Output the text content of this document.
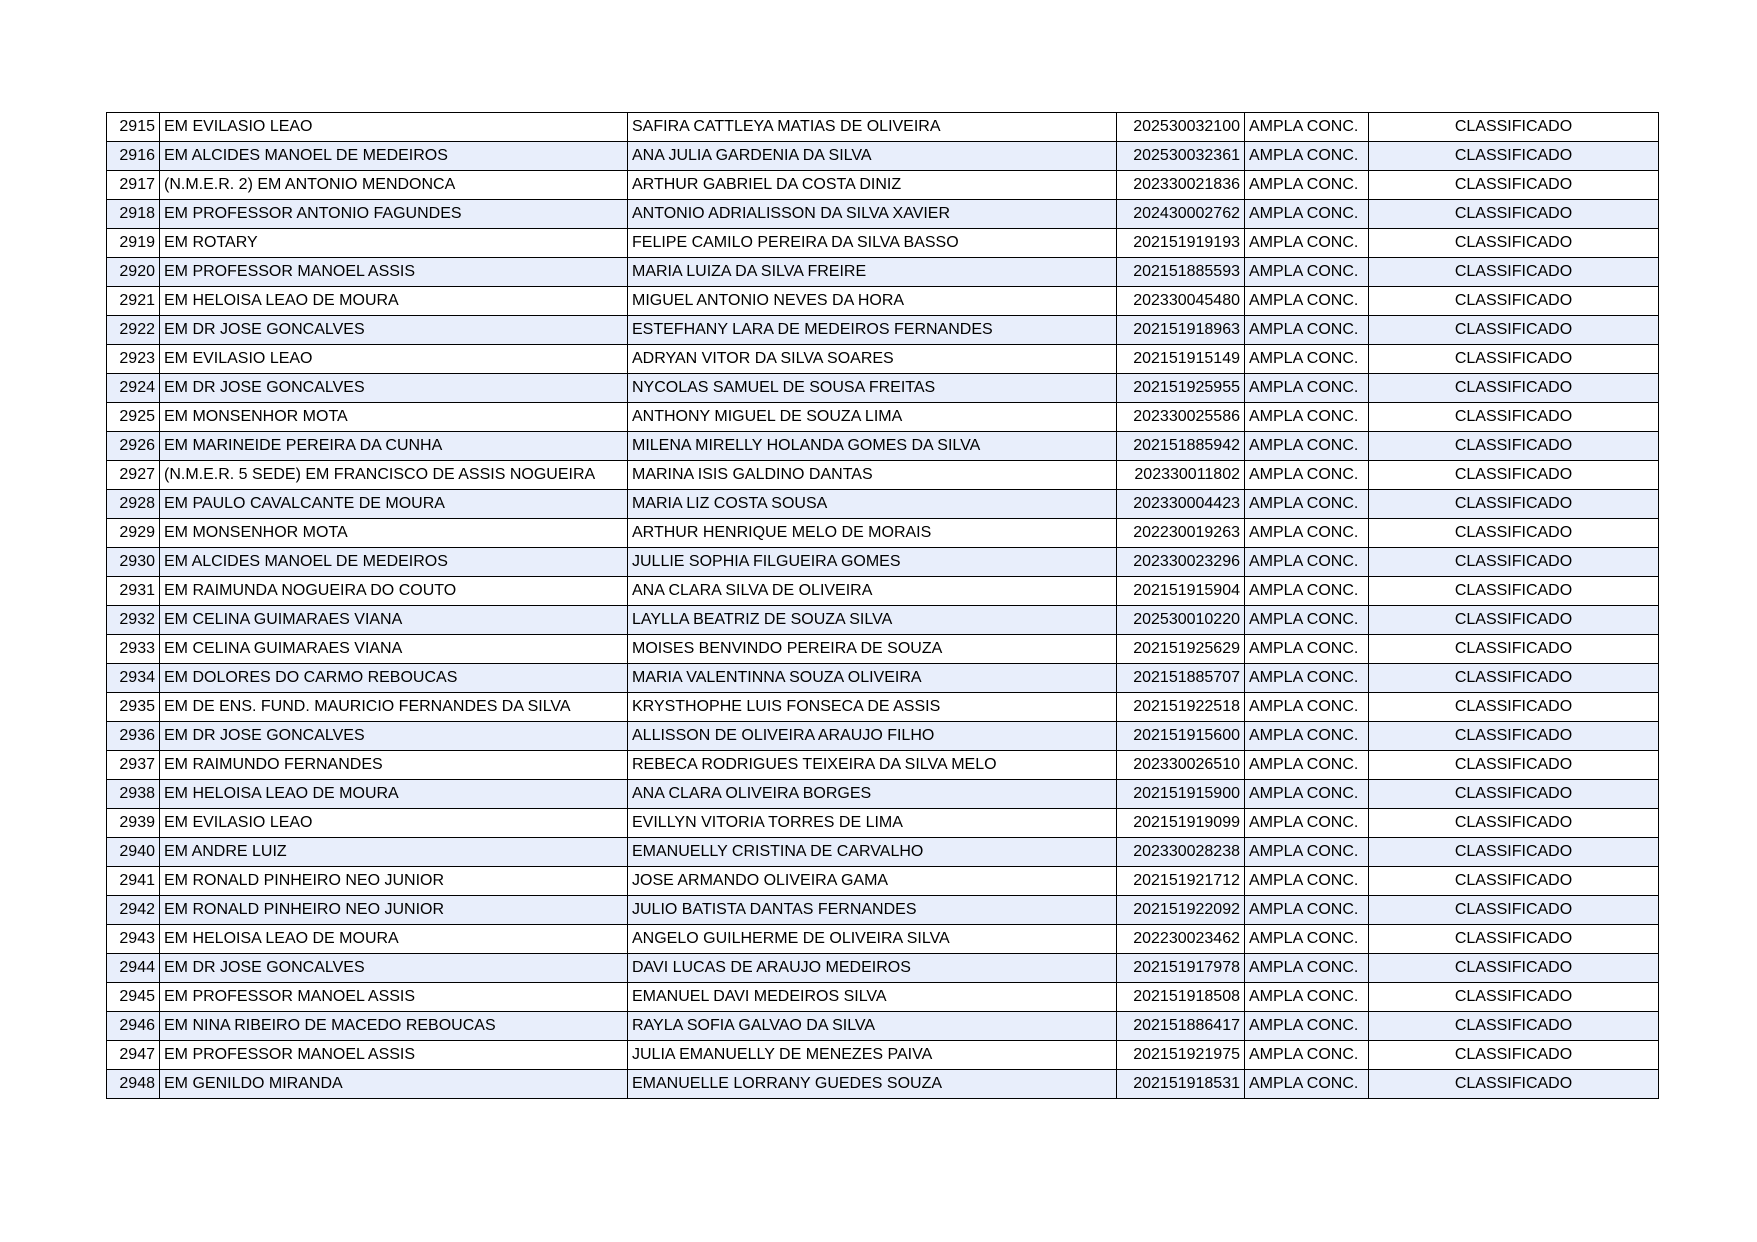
2915	EM EVILASIO LEAO	SAFIRA CATTLEYA MATIAS DE OLIVEIRA	202530032100	AMPLA CONC.	CLASSIFICADO
2916	EM ALCIDES MANOEL DE MEDEIROS	ANA JULIA GARDENIA DA SILVA	202530032361	AMPLA CONC.	CLASSIFICADO
2917	(N.M.E.R. 2) EM ANTONIO MENDONCA	ARTHUR GABRIEL DA COSTA DINIZ	202330021836	AMPLA CONC.	CLASSIFICADO
2918	EM PROFESSOR ANTONIO FAGUNDES	ANTONIO ADRIALISSON DA SILVA XAVIER	202430002762	AMPLA CONC.	CLASSIFICADO
2919	EM ROTARY	FELIPE CAMILO PEREIRA DA SILVA BASSO	202151919193	AMPLA CONC.	CLASSIFICADO
2920	EM PROFESSOR MANOEL ASSIS	MARIA LUIZA DA SILVA FREIRE	202151885593	AMPLA CONC.	CLASSIFICADO
2921	EM HELOISA LEAO DE MOURA	MIGUEL ANTONIO NEVES DA HORA	202330045480	AMPLA CONC.	CLASSIFICADO
2922	EM DR JOSE GONCALVES	ESTEFHANY LARA DE MEDEIROS FERNANDES	202151918963	AMPLA CONC.	CLASSIFICADO
2923	EM EVILASIO LEAO	ADRYAN VITOR DA SILVA SOARES	202151915149	AMPLA CONC.	CLASSIFICADO
2924	EM DR JOSE GONCALVES	NYCOLAS SAMUEL DE SOUSA FREITAS	202151925955	AMPLA CONC.	CLASSIFICADO
2925	EM MONSENHOR MOTA	ANTHONY MIGUEL DE SOUZA LIMA	202330025586	AMPLA CONC.	CLASSIFICADO
2926	EM MARINEIDE PEREIRA DA CUNHA	MILENA MIRELLY HOLANDA GOMES DA SILVA	202151885942	AMPLA CONC.	CLASSIFICADO
2927	(N.M.E.R. 5 SEDE) EM FRANCISCO DE ASSIS NOGUEIRA	MARINA ISIS GALDINO DANTAS	202330011802	AMPLA CONC.	CLASSIFICADO
2928	EM PAULO CAVALCANTE DE MOURA	MARIA LIZ COSTA SOUSA	202330004423	AMPLA CONC.	CLASSIFICADO
2929	EM MONSENHOR MOTA	ARTHUR HENRIQUE MELO DE MORAIS	202230019263	AMPLA CONC.	CLASSIFICADO
2930	EM ALCIDES MANOEL DE MEDEIROS	JULLIE SOPHIA FILGUEIRA GOMES	202330023296	AMPLA CONC.	CLASSIFICADO
2931	EM RAIMUNDA NOGUEIRA DO COUTO	ANA CLARA SILVA DE OLIVEIRA	202151915904	AMPLA CONC.	CLASSIFICADO
2932	EM CELINA GUIMARAES VIANA	LAYLLA BEATRIZ DE SOUZA SILVA	202530010220	AMPLA CONC.	CLASSIFICADO
2933	EM CELINA GUIMARAES VIANA	MOISES BENVINDO PEREIRA DE SOUZA	202151925629	AMPLA CONC.	CLASSIFICADO
2934	EM DOLORES DO CARMO REBOUCAS	MARIA VALENTINNA SOUZA OLIVEIRA	202151885707	AMPLA CONC.	CLASSIFICADO
2935	EM DE ENS. FUND. MAURICIO FERNANDES DA SILVA	KRYSTHOPHE LUIS FONSECA DE ASSIS	202151922518	AMPLA CONC.	CLASSIFICADO
2936	EM DR JOSE GONCALVES	ALLISSON DE OLIVEIRA ARAUJO FILHO	202151915600	AMPLA CONC.	CLASSIFICADO
2937	EM RAIMUNDO FERNANDES	REBECA RODRIGUES TEIXEIRA DA SILVA MELO	202330026510	AMPLA CONC.	CLASSIFICADO
2938	EM HELOISA LEAO DE MOURA	ANA CLARA OLIVEIRA BORGES	202151915900	AMPLA CONC.	CLASSIFICADO
2939	EM EVILASIO LEAO	EVILLYN VITORIA TORRES DE LIMA	202151919099	AMPLA CONC.	CLASSIFICADO
2940	EM ANDRE LUIZ	EMANUELLY CRISTINA DE CARVALHO	202330028238	AMPLA CONC.	CLASSIFICADO
2941	EM RONALD PINHEIRO NEO JUNIOR	JOSE ARMANDO OLIVEIRA GAMA	202151921712	AMPLA CONC.	CLASSIFICADO
2942	EM RONALD PINHEIRO NEO JUNIOR	JULIO BATISTA DANTAS FERNANDES	202151922092	AMPLA CONC.	CLASSIFICADO
2943	EM HELOISA LEAO DE MOURA	ANGELO GUILHERME DE OLIVEIRA SILVA	202230023462	AMPLA CONC.	CLASSIFICADO
2944	EM DR JOSE GONCALVES	DAVI LUCAS DE ARAUJO MEDEIROS	202151917978	AMPLA CONC.	CLASSIFICADO
2945	EM PROFESSOR MANOEL ASSIS	EMANUEL DAVI MEDEIROS SILVA	202151918508	AMPLA CONC.	CLASSIFICADO
2946	EM NINA RIBEIRO DE MACEDO REBOUCAS	RAYLA SOFIA GALVAO DA SILVA	202151886417	AMPLA CONC.	CLASSIFICADO
2947	EM PROFESSOR MANOEL ASSIS	JULIA EMANUELLY DE MENEZES PAIVA	202151921975	AMPLA CONC.	CLASSIFICADO
2948	EM GENILDO MIRANDA	EMANUELLE LORRANY GUEDES SOUZA	202151918531	AMPLA CONC.	CLASSIFICADO
